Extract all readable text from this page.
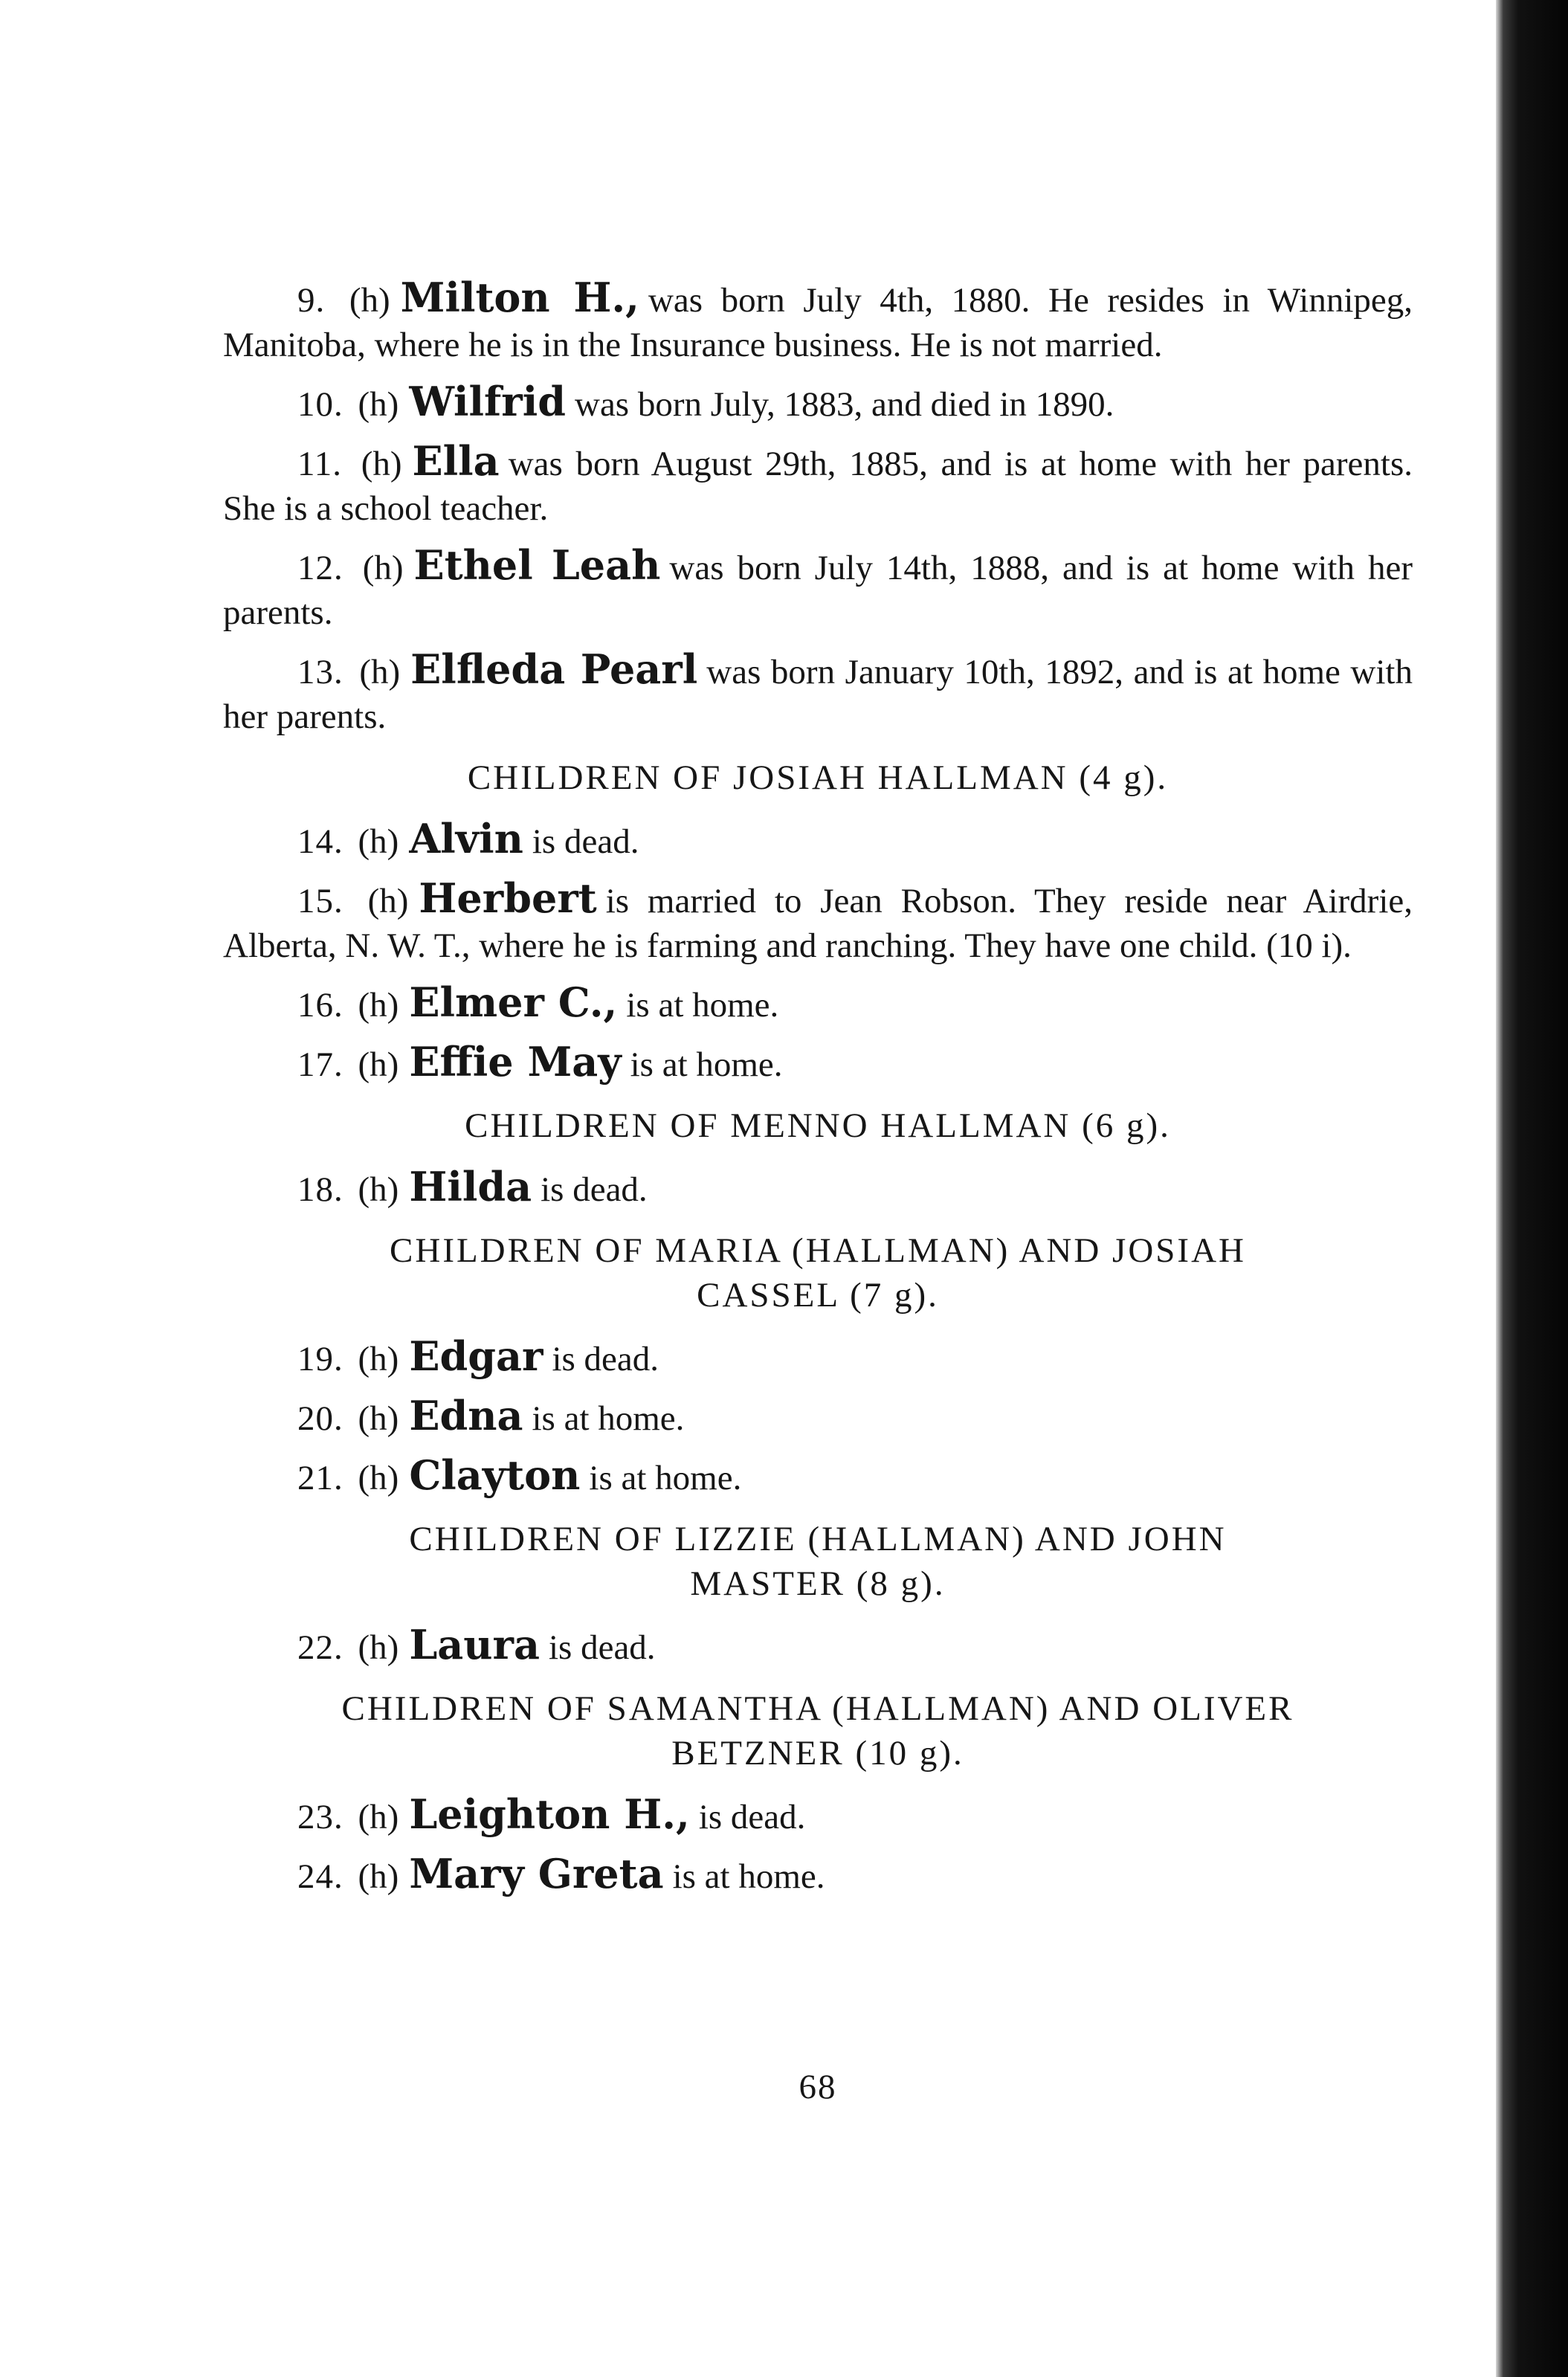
9. (h) Milton H., was born July 4th, 1880. He resides in Winnipeg, Manitoba, where he is in the Insurance business. He is not married.

10. (h) Wilfrid was born July, 1883, and died in 1890.

11. (h) Ella was born August 29th, 1885, and is at home with her parents. She is a school teacher.

12. (h) Ethel Leah was born July 14th, 1888, and is at home with her parents.

13. (h) Elfleda Pearl was born January 10th, 1892, and is at home with her parents.

CHILDREN OF JOSIAH HALLMAN (4 g).

14. (h) Alvin is dead.

15. (h) Herbert is married to Jean Robson. They reside near Airdrie, Alberta, N. W. T., where he is farming and ranching. They have one child. (10 i).

16. (h) Elmer C., is at home.

17. (h) Effie May is at home.

CHILDREN OF MENNO HALLMAN (6 g).

18. (h) Hilda is dead.

CHILDREN OF MARIA (HALLMAN) AND JOSIAH
CASSEL (7 g).

19. (h) Edgar is dead.

20. (h) Edna is at home.

21. (h) Clayton is at home.

CHILDREN OF LIZZIE (HALLMAN) AND JOHN
MASTER (8 g).

22. (h) Laura is dead.

CHILDREN OF SAMANTHA (HALLMAN) AND OLIVER
BETZNER (10 g).

23. (h) Leighton H., is dead.

24. (h) Mary Greta is at home.

68
